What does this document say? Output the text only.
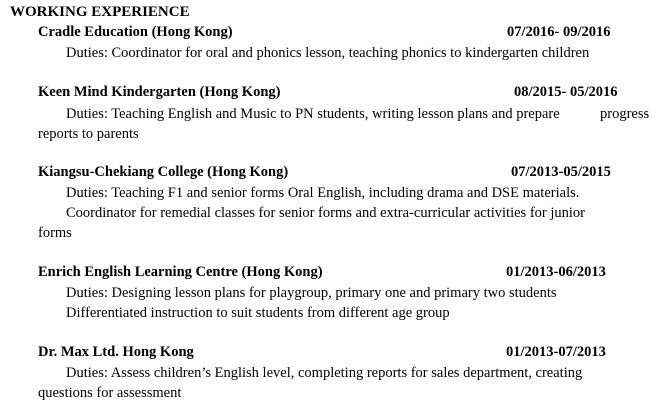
WORKING EXPERIENCE
Cradle Education (Hong Kong)	07/2016- 09/2016
Duties: Coordinator for oral and phonics lesson, teaching phonics to kindergarten children
Keen Mind Kindergarten (Hong Kong)	08/2015- 05/2016
Duties: Teaching English and Music to PN students, writing lesson plans and prepare	progress
reports to parents
Kiangsu-Chekiang College (Hong Kong)	07/2013-05/2015
Duties: Teaching F1 and senior forms Oral English, including drama and DSE materials.
Coordinator for remedial classes for senior forms and extra-curricular activities for junior
forms
Enrich English Learning Centre (Hong Kong)	01/2013-06/2013
Duties: Designing lesson plans for playgroup, primary one and primary two students
Differentiated instruction to suit students from different age group
Dr. Max Ltd. Hong Kong	01/2013-07/2013
Duties: Assess children’s English level, completing reports for sales department, creating
questions for assessment
